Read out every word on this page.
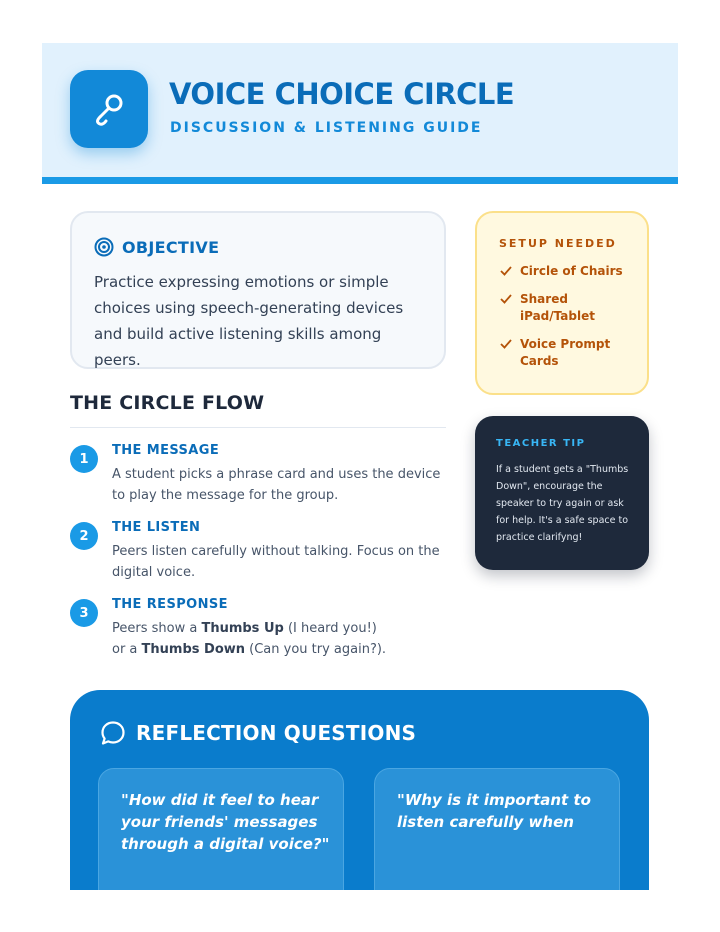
VOICE CHOICE CIRCLE
DISCUSSION & LISTENING GUIDE
OBJECTIVE
Practice expressing emotions or simple choices using speech-generating devices and build active listening skills among peers.
SETUP NEEDED
Circle of Chairs
Shared iPad/Tablet
Voice Prompt Cards
THE CIRCLE FLOW
1
THE MESSAGE
A student picks a phrase card and uses the device to play the message for the group.
2
THE LISTEN
Peers listen carefully without talking. Focus on the digital voice.
3
THE RESPONSE
Peers show a Thumbs Up (I heard you!)
or a Thumbs Down (Can you try again?).
TEACHER TIP
If a student gets a "Thumbs Down", encourage the speaker to try again or ask for help. It's a safe space to practice clarifyng!
REFLECTION QUESTIONS
"How did it feel to hear your friends' messages through a digital voice?"
"Why is it important to listen carefully when
